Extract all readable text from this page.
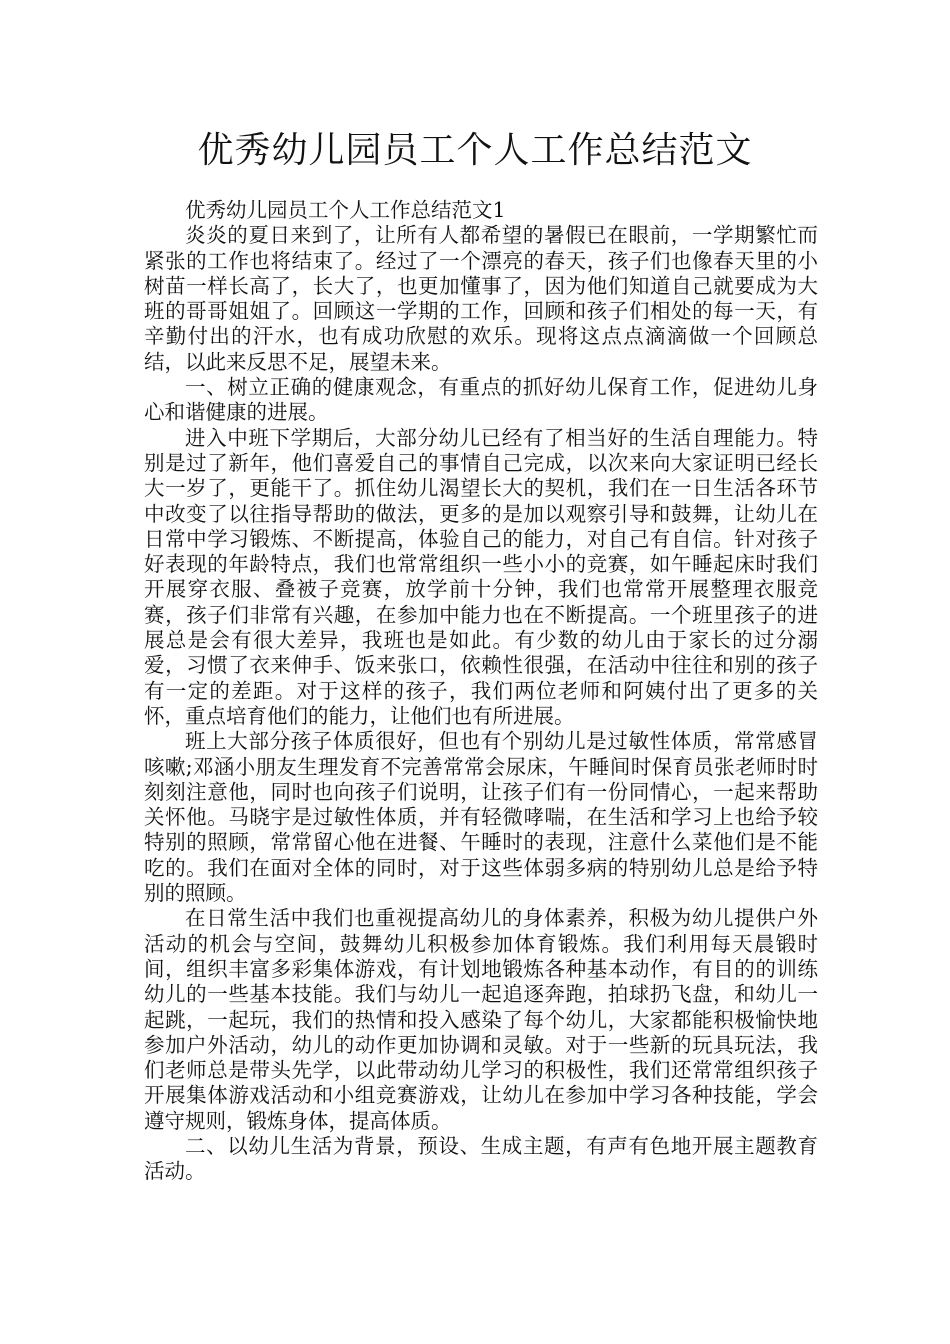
优秀幼儿园员工个人工作总结范文

优秀幼儿园员工个人工作总结范文1

炎炎的夏日来到了，让所有人都希望的暑假已在眼前，一学期繁忙而紧张的工作也将结束了。经过了一个漂亮的春天，孩子们也像春天里的小树苗一样长高了，长大了，也更加懂事了，因为他们知道自己就要成为大班的哥哥姐姐了。回顾这一学期的工作，回顾和孩子们相处的每一天，有辛勤付出的汗水，也有成功欣慰的欢乐。现将这点点滴滴做一个回顾总结，以此来反思不足，展望未来。

一、树立正确的健康观念，有重点的抓好幼儿保育工作，促进幼儿身心和谐健康的进展。

进入中班下学期后，大部分幼儿已经有了相当好的生活自理能力。特别是过了新年，他们喜爱自己的事情自己完成，以次来向大家证明已经长大一岁了，更能干了。抓住幼儿渴望长大的契机，我们在一日生活各环节中改变了以往指导帮助的做法，更多的是加以观察引导和鼓舞，让幼儿在日常中学习锻炼、不断提高，体验自己的能力，对自己有自信。针对孩子好表现的年龄特点，我们也常常组织一些小小的竞赛，如午睡起床时我们开展穿衣服、叠被子竞赛，放学前十分钟，我们也常常开展整理衣服竞赛，孩子们非常有兴趣，在参加中能力也在不断提高。一个班里孩子的进展总是会有很大差异，我班也是如此。有少数的幼儿由于家长的过分溺爱，习惯了衣来伸手、饭来张口，依赖性很强，在活动中往往和别的孩子有一定的差距。对于这样的孩子，我们两位老师和阿姨付出了更多的关怀，重点培育他们的能力，让他们也有所进展。

班上大部分孩子体质很好，但也有个别幼儿是过敏性体质，常常感冒咳嗽;邓涵小朋友生理发育不完善常常会尿床，午睡间时保育员张老师时时刻刻注意他，同时也向孩子们说明，让孩子们有一份同情心，一起来帮助关怀他。马晓宇是过敏性体质，并有轻微哮喘，在生活和学习上也给予较特别的照顾，常常留心他在进餐、午睡时的表现，注意什么菜他们是不能吃的。我们在面对全体的同时，对于这些体弱多病的特别幼儿总是给予特别的照顾。

在日常生活中我们也重视提高幼儿的身体素养，积极为幼儿提供户外活动的机会与空间，鼓舞幼儿积极参加体育锻炼。我们利用每天晨锻时间，组织丰富多彩集体游戏，有计划地锻炼各种基本动作，有目的的训练幼儿的一些基本技能。我们与幼儿一起追逐奔跑，拍球扔飞盘，和幼儿一起跳，一起玩，我们的热情和投入感染了每个幼儿，大家都能积极愉快地参加户外活动，幼儿的动作更加协调和灵敏。对于一些新的玩具玩法，我们老师总是带头先学，以此带动幼儿学习的积极性，我们还常常组织孩子开展集体游戏活动和小组竞赛游戏，让幼儿在参加中学习各种技能，学会遵守规则，锻炼身体，提高体质。

二、以幼儿生活为背景，预设、生成主题，有声有色地开展主题教育活动。
